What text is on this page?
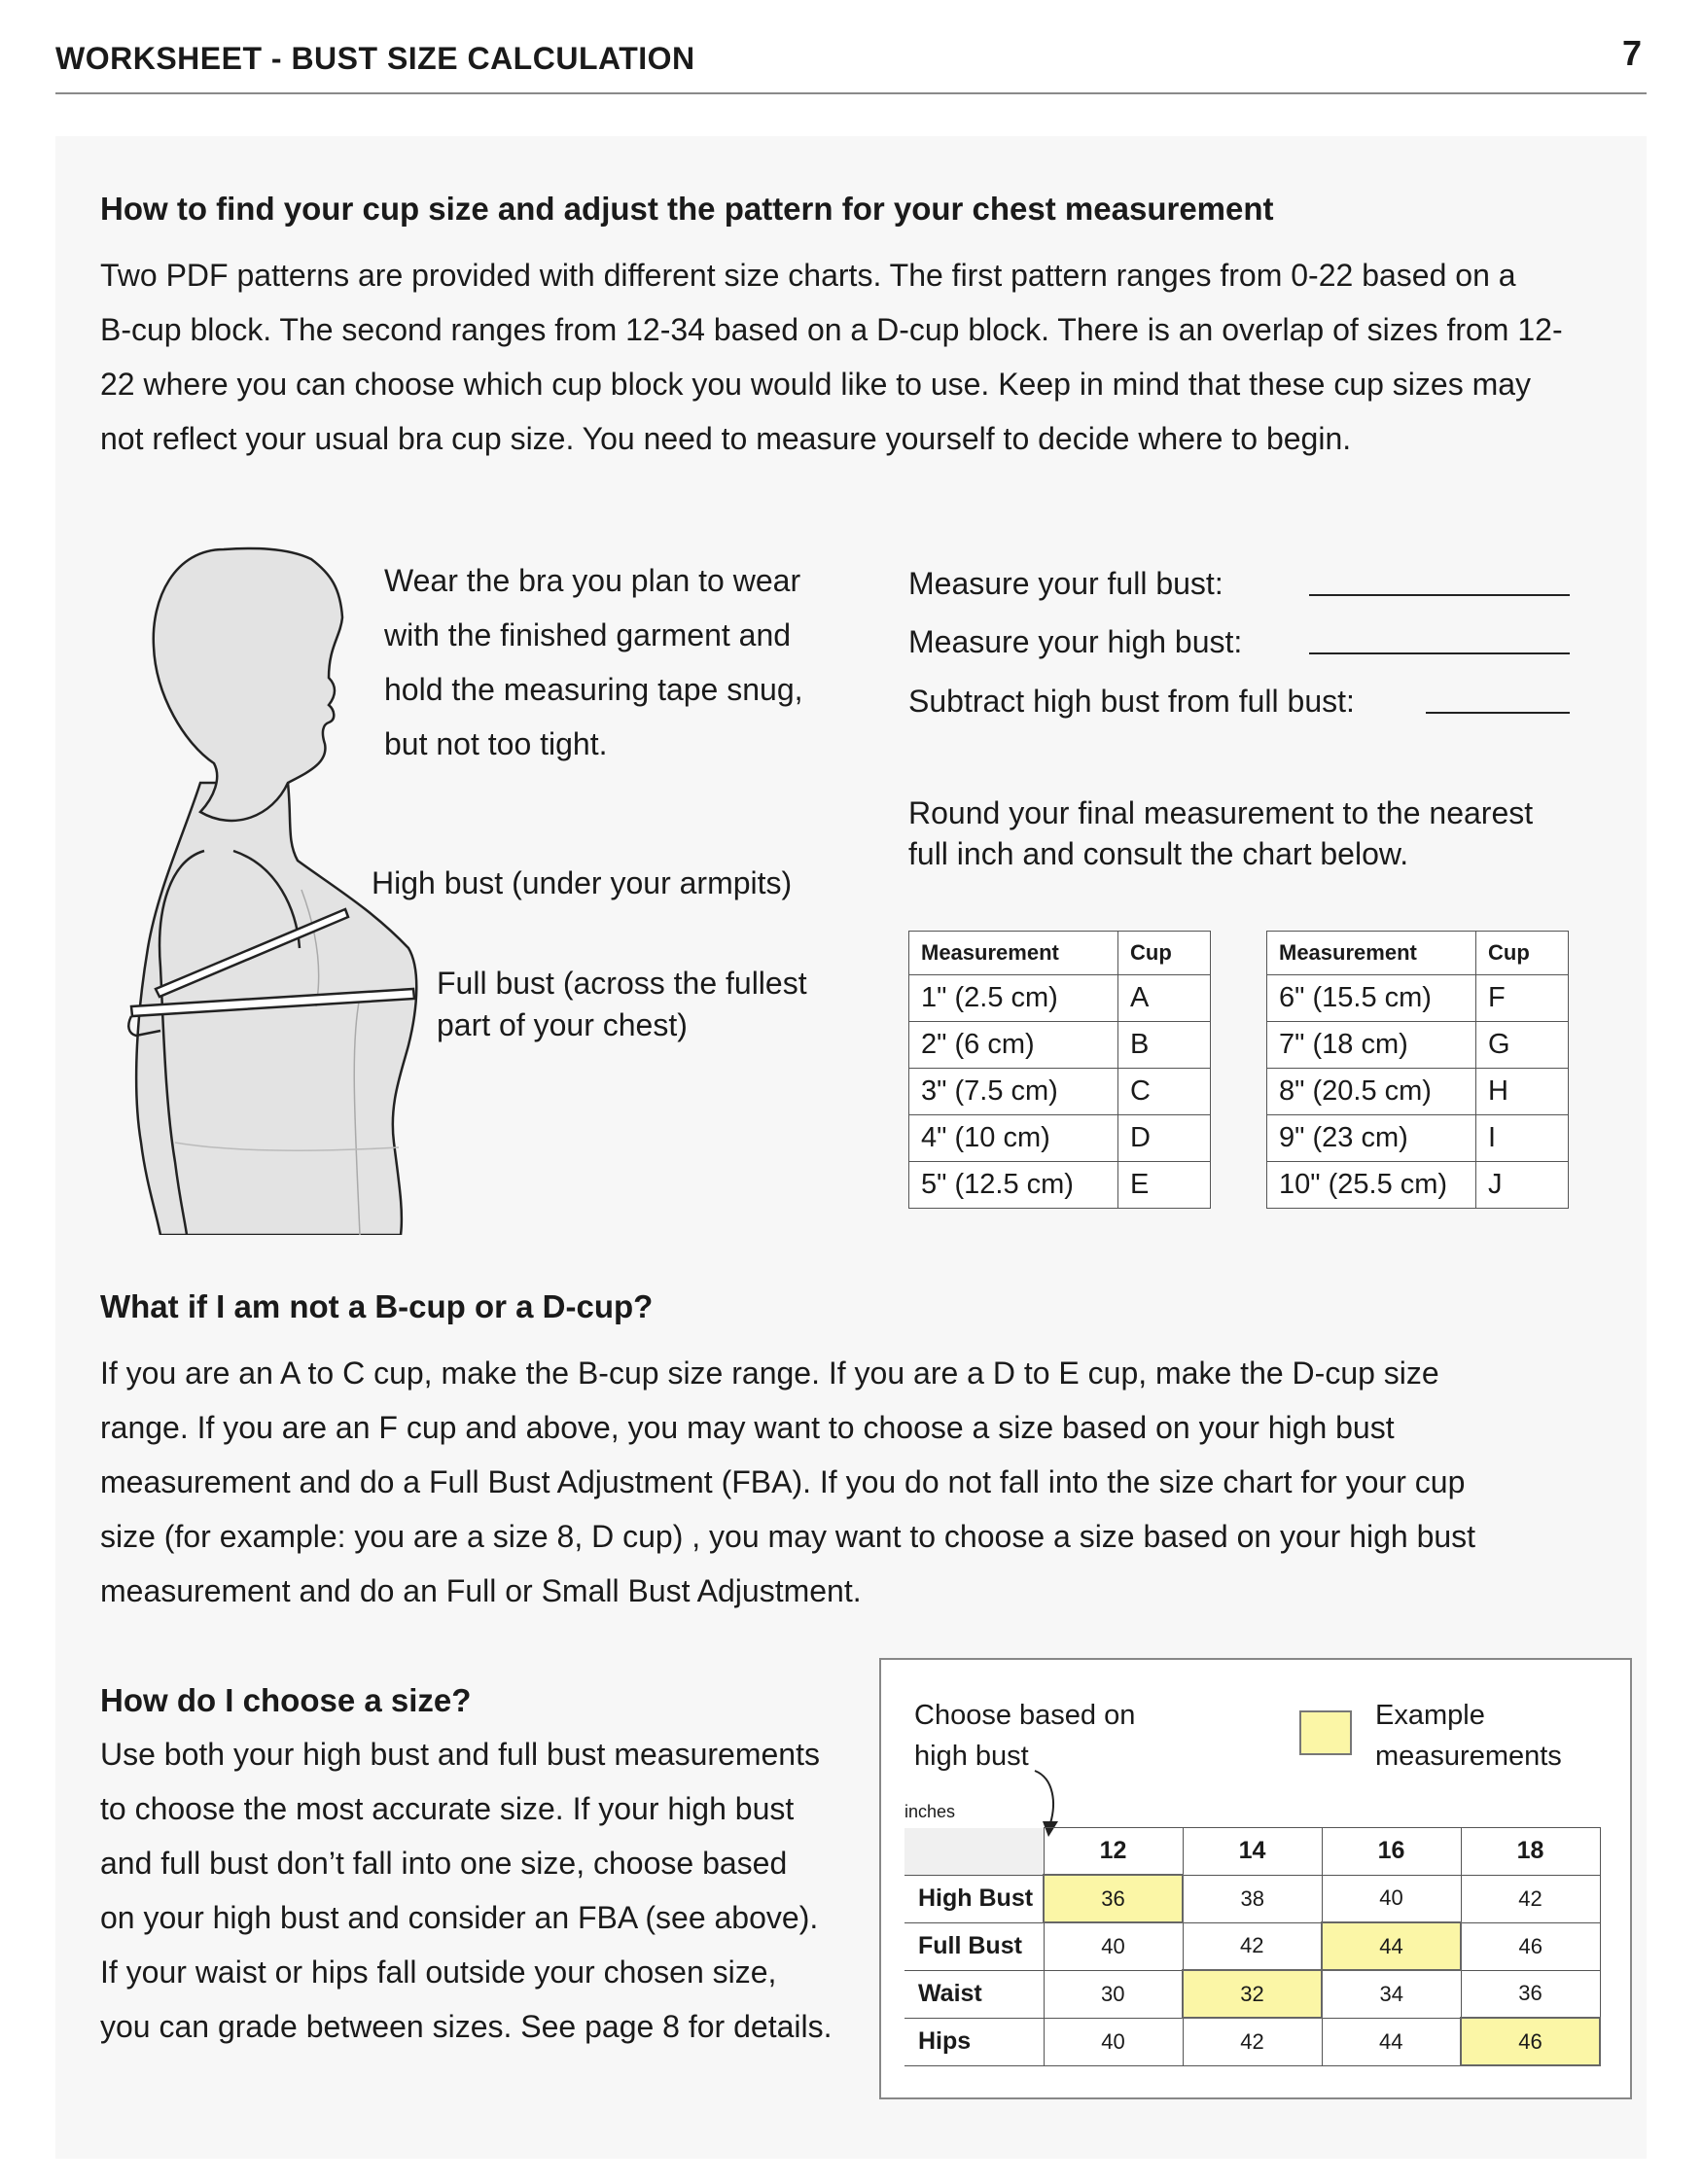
WORKSHEET - BUST SIZE CALCULATION	7
How to find your cup size and adjust the pattern for your chest measurement
Two PDF patterns are provided with different size charts. The first pattern ranges from 0-22 based on a
B-cup block. The second ranges from 12-34 based on a D-cup block. There is an overlap of sizes from 12-
22 where you can choose which cup block you would like to use. Keep in mind that these cup sizes may
not reflect your usual bra cup size. You need to measure yourself to decide where to begin.
Wear the bra you plan to wear
with the finished garment and
hold the measuring tape snug,
but not too tight.
High bust (under your armpits)
Full bust (across the fullest
part of your chest)
Measure your full bust:
Measure your high bust:
Subtract high bust from full bust:
Round your final measurement to the nearest
full inch and consult the chart below.
Measurement	Cup
1" (2.5 cm)	A
2" (6 cm)	B
3" (7.5 cm)	C
4" (10 cm)	D
5" (12.5 cm)	E
Measurement	Cup
6" (15.5 cm)	F
7" (18 cm)	G
8" (20.5 cm)	H
9" (23 cm)	I
10" (25.5 cm)	J
What if I am not a B-cup or a D-cup?
If you are an A to C cup, make the B-cup size range. If you are a D to E cup, make the D-cup size
range. If you are an F cup and above, you may want to choose a size based on your high bust
measurement and do a Full Bust Adjustment (FBA). If you do not fall into the size chart for your cup
size (for example: you are a size 8, D cup) , you may want to choose a size based on your high bust
measurement and do an Full or Small Bust Adjustment.
How do I choose a size?
Use both your high bust and full bust measurements
to choose the most accurate size. If your high bust
and full bust don’t fall into one size, choose based
on your high bust and consider an FBA (see above).
If your waist or hips fall outside your chosen size,
you can grade between sizes. See page 8 for details.
Choose based on
high bust
Example
measurements
inches
	12	14	16	18
High Bust	36	38	40	42
Full Bust	40	42	44	46
Waist	30	32	34	36
Hips	40	42	44	46
